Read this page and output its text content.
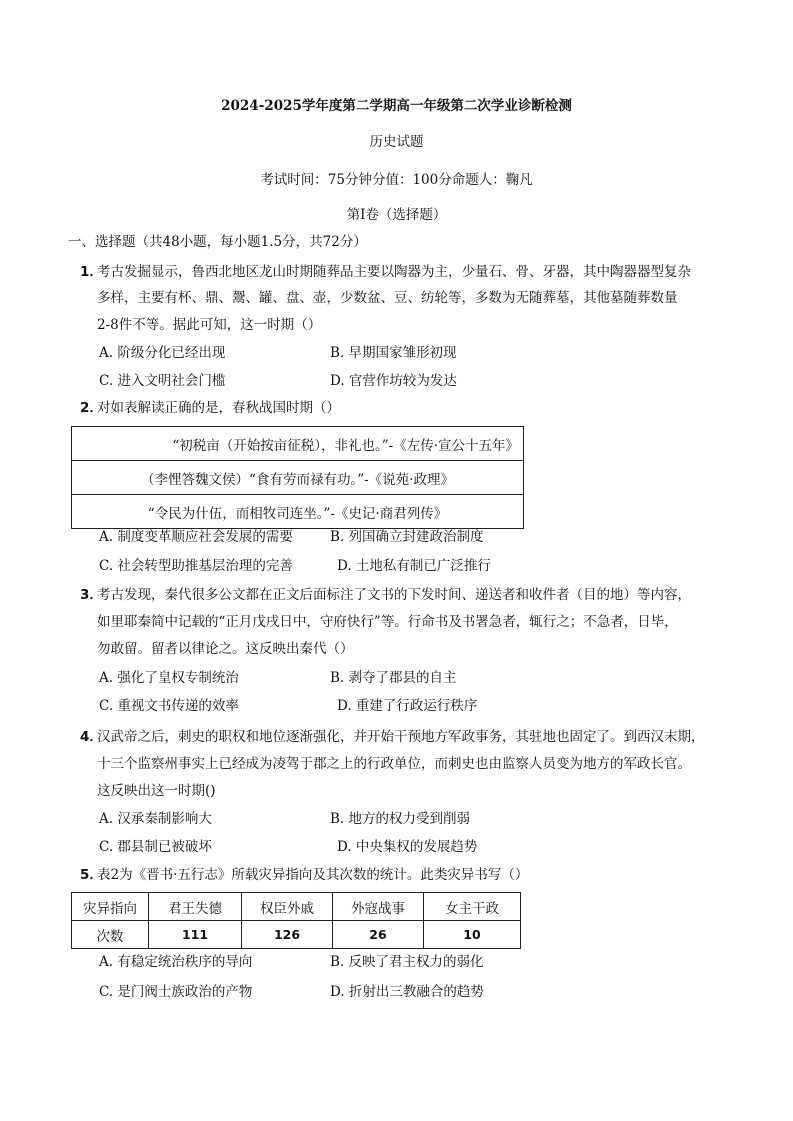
2024-2025学年度第二学期高一年级第二次学业诊断检测
历史试题
考试时间：75分钟分值：100分命题人：鞠凡
第Ⅰ卷（选择题）
一、选择题（共48小题，每小题1.5分，共72分）
1．
考古发掘显示，鲁西北地区龙山时期随葬品主要以陶器为主，少量石、骨、牙器，其中陶器器型复杂
多样，主要有杯、鼎、鬶、罐、盘、壶，少数盆、豆、纺轮等，多数为无随葬墓，其他墓随葬数量
2-8件不等。据此可知，这一时期（）
A. 阶级分化已经出现	B. 早期国家雏形初现
C. 进入文明社会门槛	D. 官营作坊较为发达
2．
对如表解读正确的是，春秋战国时期（）
“初税亩（开始按亩征税），非礼也。”-《左传·宣公十五年》
（李悝答魏文侯）“食有劳而禄有功。”-《说苑·政理》
“令民为什伍，而相牧司连坐。”-《史记·商君列传》
A. 制度变革顺应社会发展的需要	B. 列国确立封建政治制度
C. 社会转型助推基层治理的完善	D. 土地私有制已广泛推行
3．
考古发现，秦代很多公文都在正文后面标注了文书的下发时间、递送者和收件者（目的地）等内容，
如里耶秦简中记载的“正月戊戌日中，守府快行”等。行命书及书署急者，辄行之；不急者，日毕，
勿敢留。留者以律论之。这反映出秦代（）
A. 强化了皇权专制统治	B. 剥夺了郡县的自主
C. 重视文书传递的效率	D. 重建了行政运行秩序
4．
汉武帝之后，刺史的职权和地位逐渐强化，并开始干预地方军政事务，其驻地也固定了。到西汉末期，
十三个监察州事实上已经成为凌驾于郡之上的行政单位，而刺史也由监察人员变为地方的军政长官。
这反映出这一时期()
A. 汉承秦制影响大	B. 地方的权力受到削弱
C. 郡县制已被破坏	D. 中央集权的发展趋势
5．
表2为《晋书·五行志》所载灾异指向及其次数的统计。此类灾异书写（）
灾异指向	君王失德	权臣外戚	外寇战事	女主干政
次数	111	126	26	10
A. 有稳定统治秩序的导向	B. 反映了君主权力的弱化
C. 是门阀士族政治的产物	D. 折射出三教融合的趋势
